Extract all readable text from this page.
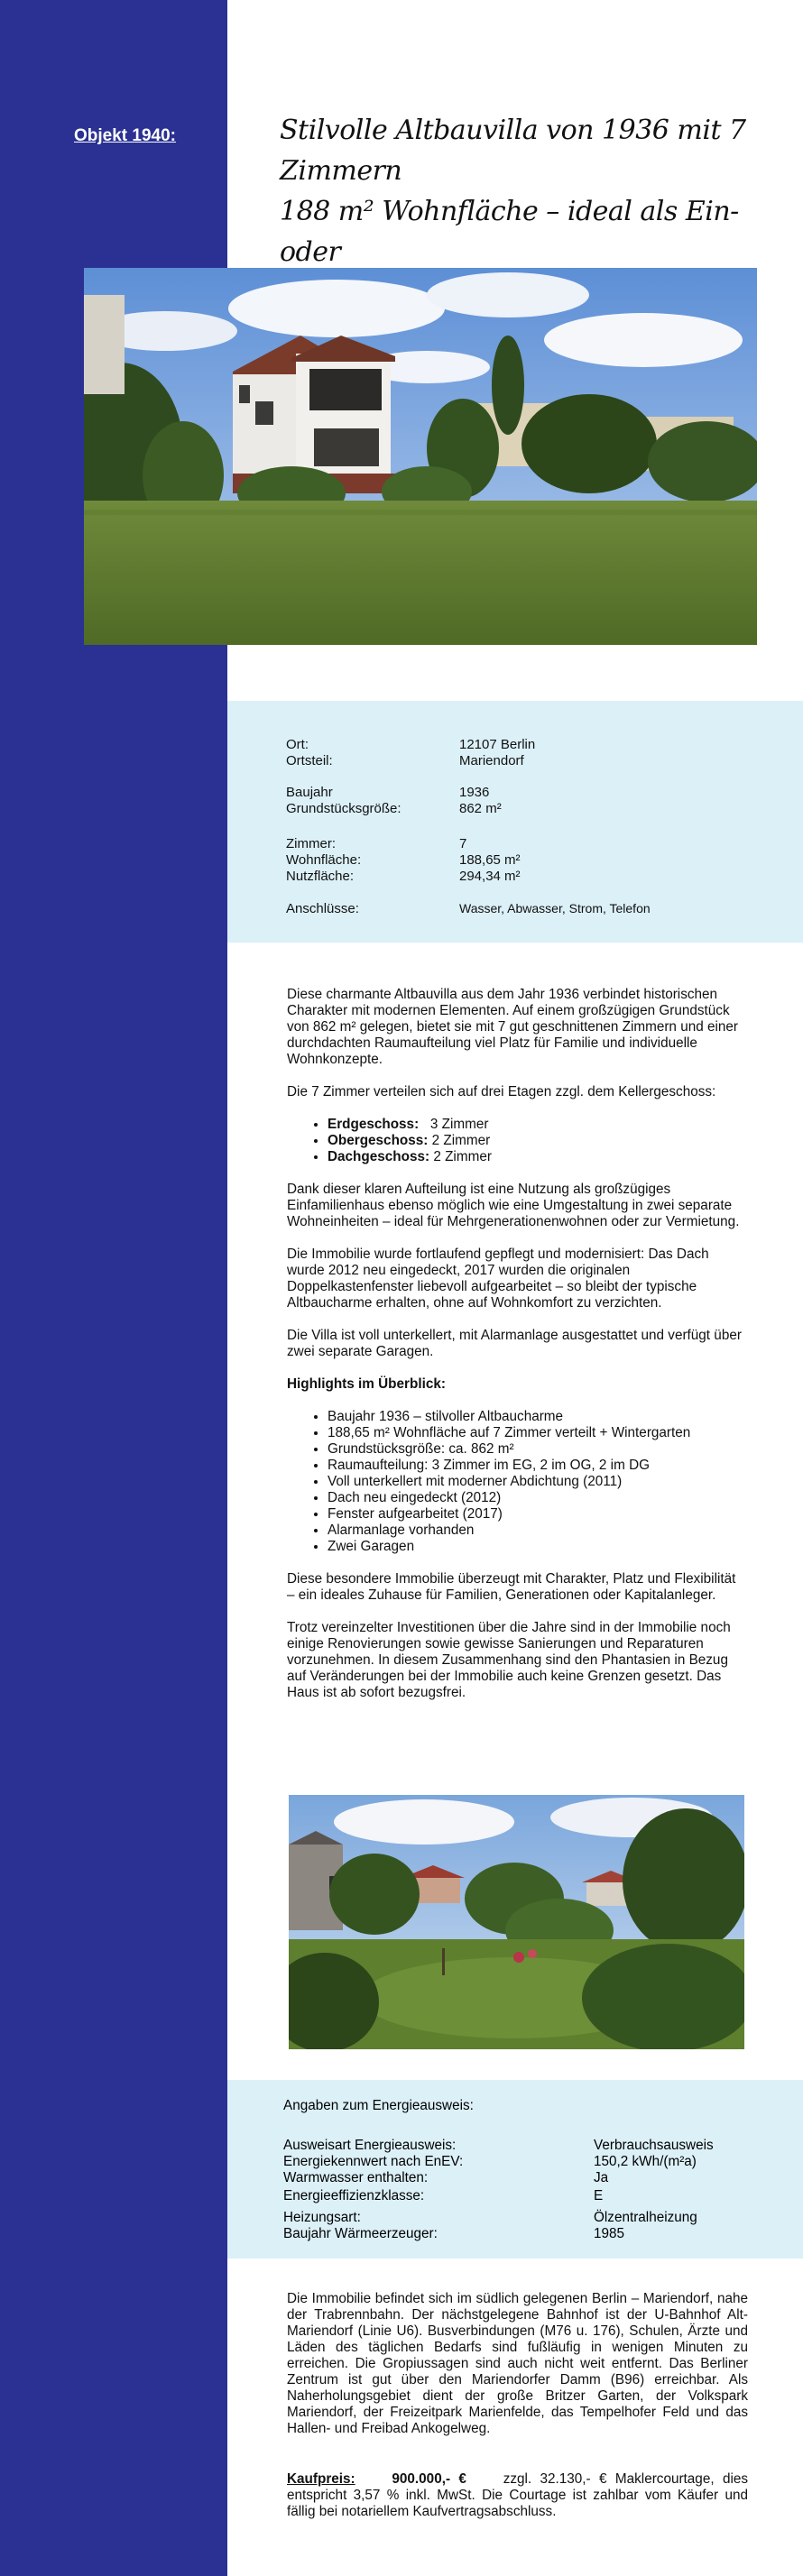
Objekt 1940:	Stilvolle Altbauvilla von 1936 mit 7 Zimmern
188 m² Wohnfläche – ideal als Ein- oder
Ort:	12107 Berlin
Ortsteil:	Mariendorf
Baujahr	1936
Grundstücksgröße:	862 m²
Zimmer:	7
Wohnfläche:	188,65 m²
Nutzfläche:	294,34 m²
Anschlüsse:	Wasser, Abwasser, Strom, Telefon

Diese charmante Altbauvilla aus dem Jahr 1936 verbindet historischen Charakter mit modernen Elementen. Auf einem großzügigen Grundstück von 862 m² gelegen, bietet sie mit 7 gut geschnittenen Zimmern und einer durchdachten Raumaufteilung viel Platz für Familie und individuelle Wohnkonzepte.

Die 7 Zimmer verteilen sich auf drei Etagen zzgl. dem Kellergeschoss:

• Erdgeschoss:   3 Zimmer
• Obergeschoss: 2 Zimmer
• Dachgeschoss: 2 Zimmer

Dank dieser klaren Aufteilung ist eine Nutzung als großzügiges Einfamilienhaus ebenso möglich wie eine Umgestaltung in zwei separate Wohneinheiten – ideal für Mehrgenerationenwohnen oder zur Vermietung.

Die Immobilie wurde fortlaufend gepflegt und modernisiert: Das Dach wurde 2012 neu eingedeckt, 2017 wurden die originalen Doppelkastenfenster liebevoll aufgearbeitet – so bleibt der typische Altbaucharme erhalten, ohne auf Wohnkomfort zu verzichten.

Die Villa ist voll unterkellert, mit Alarmanlage ausgestattet und verfügt über zwei separate Garagen.

Highlights im Überblick:

• Baujahr 1936 – stilvoller Altbaucharme
• 188,65 m² Wohnfläche auf 7 Zimmer verteilt + Wintergarten
• Grundstücksgröße: ca. 862 m²
• Raumaufteilung: 3 Zimmer im EG, 2 im OG, 2 im DG
• Voll unterkellert mit moderner Abdichtung (2011)
• Dach neu eingedeckt (2012)
• Fenster aufgearbeitet (2017)
• Alarmanlage vorhanden
• Zwei Garagen

Diese besondere Immobilie überzeugt mit Charakter, Platz und Flexibilität – ein ideales Zuhause für Familien, Generationen oder Kapitalanleger.

Trotz vereinzelter Investitionen über die Jahre sind in der Immobilie noch einige Renovierungen sowie gewisse Sanierungen und Reparaturen vorzunehmen. In diesem Zusammenhang sind den Phantasien in Bezug auf Veränderungen bei der Immobilie auch keine Grenzen gesetzt. Das Haus ist ab sofort bezugsfrei.

Angaben zum Energieausweis:
Ausweisart Energieausweis:	Verbrauchsausweis
Energiekennwert nach EnEV:	150,2 kWh/(m²a)
Warmwasser enthalten:	Ja
Energieeffizienzklasse:	E
Heizungsart:	Ölzentralheizung
Baujahr Wärmeerzeuger:	1985
Die Immobilie befindet sich im südlich gelegenen Berlin – Mariendorf, nahe der Trabrennbahn. Der nächstgelegene Bahnhof ist der U-Bahnhof Alt-Mariendorf (Linie U6). Busverbindungen (M76 u. 176), Schulen, Ärzte und Läden des täglichen Bedarfs sind fußläufig in wenigen Minuten zu erreichen. Die Gropiussagen sind auch nicht weit entfernt. Das Berliner Zentrum ist gut über den Mariendorfer Damm (B96) erreichbar. Als Naherholungsgebiet dient der große Britzer Garten, der Volkspark Mariendorf, der Freizeitpark Marienfelde, das Tempelhofer Feld und das Hallen- und Freibad Ankogelweg.
Kaufpreis:	900.000,- €	zzgl. 32.130,- € Maklercourtage, dies entspricht 3,57 % inkl. MwSt. Die Courtage ist zahlbar vom Käufer und fällig bei notariellem Kaufvertragsabschluss.
